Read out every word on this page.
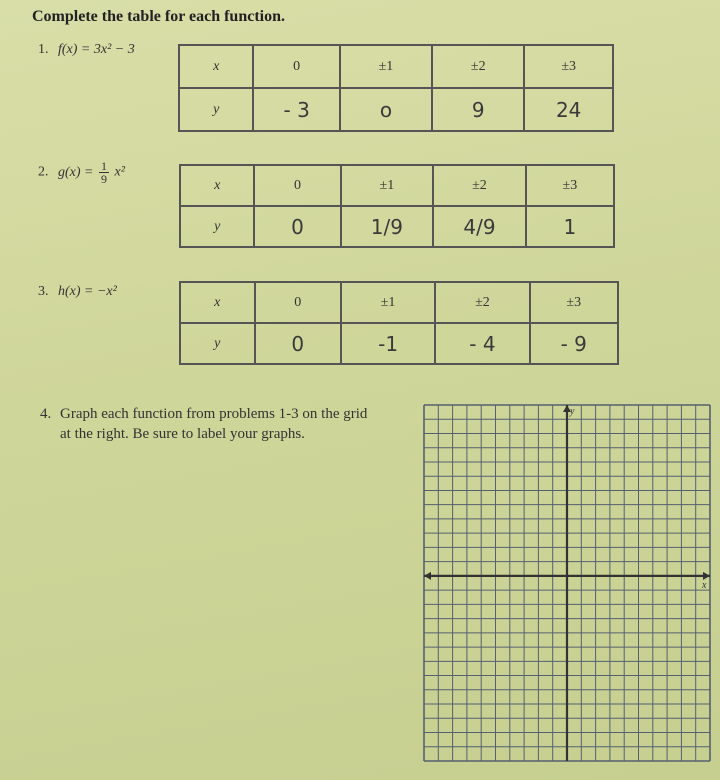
Complete the table for each function.
1. f(x) = 3x² − 3
x	0	±1	±2	±3
y	- 3	o	9	24
2. $g(x) = \frac{1}{9} x^2$
x	0	±1	±2	±3
y	0	1/9	4/9	1
3. h(x) = −x²
x	0	±1	±2	±3
y	0	-1	- 4	- 9
4. Graph each function from problems 1-3 on the grid at the right. Be sure to label your graphs.
x
y
